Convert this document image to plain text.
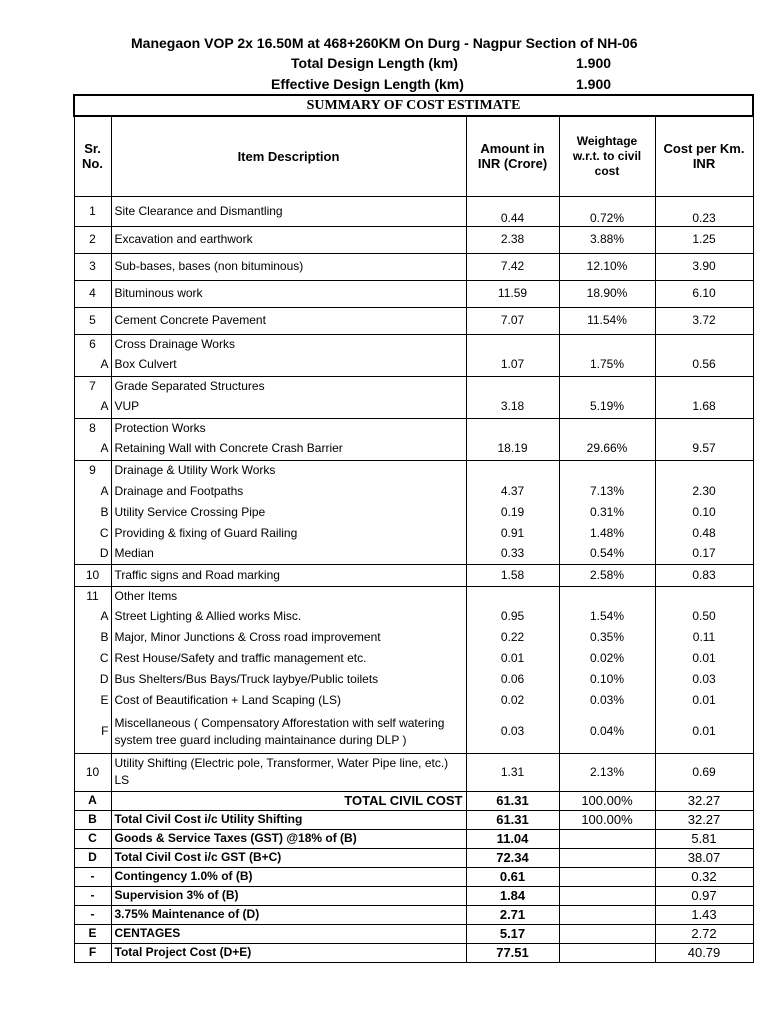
Manegaon VOP 2x 16.50M at 468+260KM On Durg - Nagpur Section of NH-06
Total Design Length (km)	1.900
Effective Design Length (km)	1.900
SUMMARY OF COST ESTIMATE				
Sr. No.	Item Description	Amount in INR (Crore)	Weightage w.r.t. to civil cost	Cost per Km. INR
1	Site Clearance and Dismantling	0.44	0.72%	0.23
2	Excavation and earthwork	2.38	3.88%	1.25
3	Sub-bases, bases (non bituminous)	7.42	12.10%	3.90
4	Bituminous work	11.59	18.90%	6.10
5	Cement Concrete Pavement	7.07	11.54%	3.72
6	Cross Drainage Works			
A	Box Culvert	1.07	1.75%	0.56
7	Grade Separated Structures			
A	VUP	3.18	5.19%	1.68
8	Protection Works			
A	Retaining Wall with Concrete Crash Barrier	18.19	29.66%	9.57
9	Drainage & Utility Work Works			
A	Drainage and Footpaths	4.37	7.13%	2.30
B	Utility Service Crossing Pipe	0.19	0.31%	0.10
C	Providing & fixing of Guard Railing	0.91	1.48%	0.48
D	Median	0.33	0.54%	0.17
10	Traffic signs and Road marking	1.58	2.58%	0.83
11	Other Items			
A	Street Lighting & Allied works Misc.	0.95	1.54%	0.50
B	Major, Minor Junctions & Cross road improvement	0.22	0.35%	0.11
C	Rest House/Safety and traffic management etc.	0.01	0.02%	0.01
D	Bus Shelters/Bus Bays/Truck laybye/Public toilets	0.06	0.10%	0.03
E	Cost of Beautification + Land Scaping (LS)	0.02	0.03%	0.01
F	Miscellaneous ( Compensatory Afforestation with self watering system tree guard including maintainance during DLP )	0.03	0.04%	0.01
10	Utility Shifting (Electric pole, Transformer, Water Pipe line, etc.) LS	1.31	2.13%	0.69
A	TOTAL CIVIL COST	61.31	100.00%	32.27
B	Total Civil Cost i/c Utility Shifting	61.31	100.00%	32.27
C	Goods & Service Taxes (GST) @18% of (B)	11.04		5.81
D	Total Civil Cost i/c GST (B+C)	72.34		38.07
-	Contingency 1.0% of (B)	0.61		0.32
-	Supervision 3% of (B)	1.84		0.97
-	3.75% Maintenance of (D)	2.71		1.43
E	CENTAGES	5.17		2.72
F	Total Project Cost (D+E)	77.51		40.79
